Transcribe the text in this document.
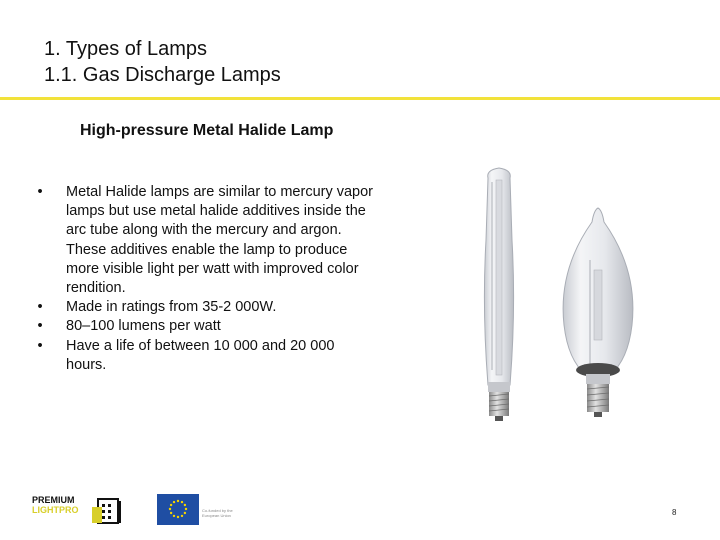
1. Types of Lamps
1.1. Gas Discharge Lamps
High-pressure Metal Halide Lamp
•	Metal Halide lamps are similar to mercury vapor lamps but use metal halide additives inside the arc tube along with the mercury and argon. These additives enable the lamp to produce more visible light per watt with improved color rendition.
•	Made in ratings from 35-2 000W.
•	80–100 lumens per watt
•	Have a life of between 10 000 and 20 000 hours.
PREMIUM
LIGHTPRO	Co-funded by the European Union	8
